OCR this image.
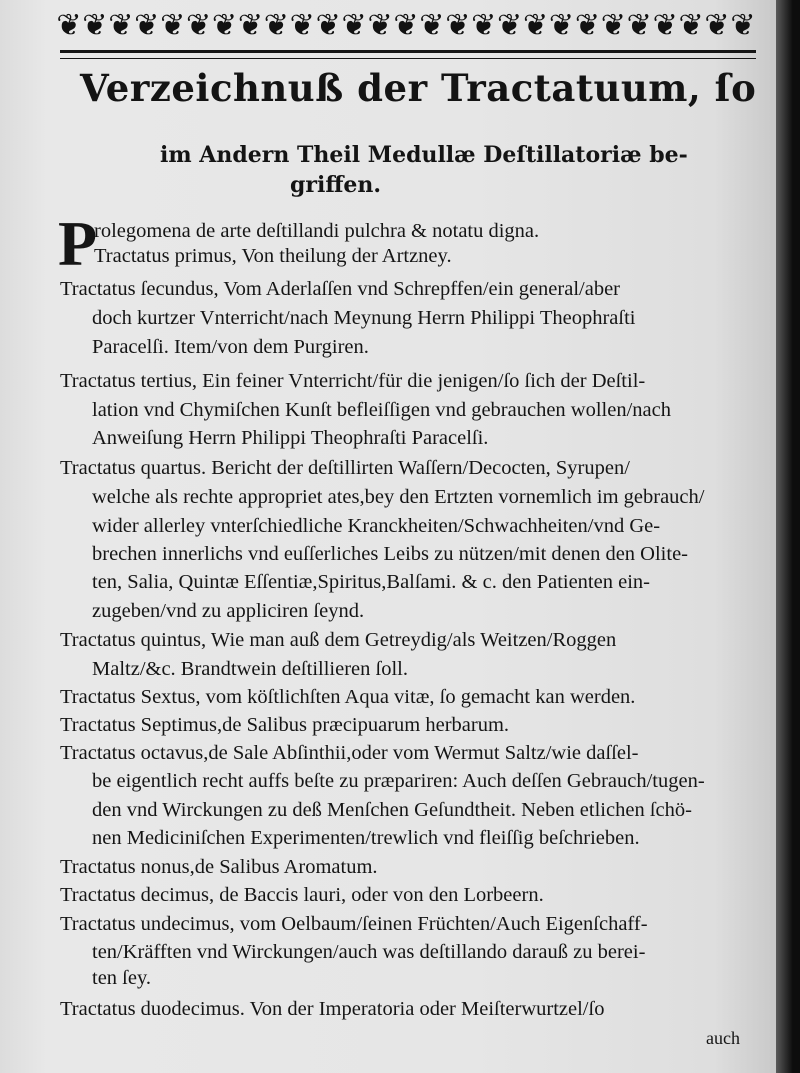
❦ ❦ ❦ ❦ ❦ ❦ ❦ ❦ ❦ ❦ ❦ ❦ ❦ ❦ ❦ ❦ ❦ ❦ ❦ ❦ ❦ ❦ ❦ ❦ ❦ ❦ ❦
Verzeichnuß der Tractatuum, ſo
im Andern Theil Medullæ Deſtillatoriæ be-
griffen.
P
rolegomena de arte deſtillandi pulchra & notatu digna.
Tractatus primus, Von theilung der Artzney.
Tractatus ſecundus, Vom Aderlaſſen vnd Schrepffen/ein general/aber
doch kurtzer Vnterricht/nach Meynung Herrn Philippi Theophraſti
Paracelſi. Item/von dem Purgiren.
Tractatus tertius, Ein feiner Vnterricht/für die jenigen/ſo ſich der Deſtil-
lation vnd Chymiſchen Kunſt befleiſſigen vnd gebrauchen wollen/nach
Anweiſung Herrn Philippi Theophraſti Paracelſi.
Tractatus quartus. Bericht der deſtillirten Waſſern/Decocten, Syrupen/
welche als rechte appropriet ates,bey den Ertzten vornemlich im gebrauch/
wider allerley vnterſchiedliche Kranckheiten/Schwachheiten/vnd Ge-
brechen innerlichs vnd euſſerliches Leibs zu nützen/mit denen den Olite-
ten, Salia, Quintæ Eſſentiæ,Spiritus,Balſami. & c. den Patienten ein-
zugeben/vnd zu appliciren ſeynd.
Tractatus quintus, Wie man auß dem Getreydig/als Weitzen/Roggen
Maltz/&c. Brandtwein deſtillieren ſoll.
Tractatus Sextus, vom köſtlichſten Aqua vitæ, ſo gemacht kan werden.
Tractatus Septimus,de Salibus præcipuarum herbarum.
Tractatus octavus,de Sale Abſinthii,oder vom Wermut Saltz/wie daſſel-
be eigentlich recht auffs beſte zu præpariren: Auch deſſen Gebrauch/tugen-
den vnd Wirckungen zu deß Menſchen Geſundtheit. Neben etlichen ſchö-
nen Mediciniſchen Experimenten/trewlich vnd fleiſſig beſchrieben.
Tractatus nonus,de Salibus Aromatum.
Tractatus decimus, de Baccis lauri, oder von den Lorbeern.
Tractatus undecimus, vom Oelbaum/ſeinen Früchten/Auch Eigenſchaff-
ten/Kräfften vnd Wirckungen/auch was deſtillando darauß zu berei-
ten ſey.
Tractatus duodecimus. Von der Imperatoria oder Meiſterwurtzel/ſo
auch
